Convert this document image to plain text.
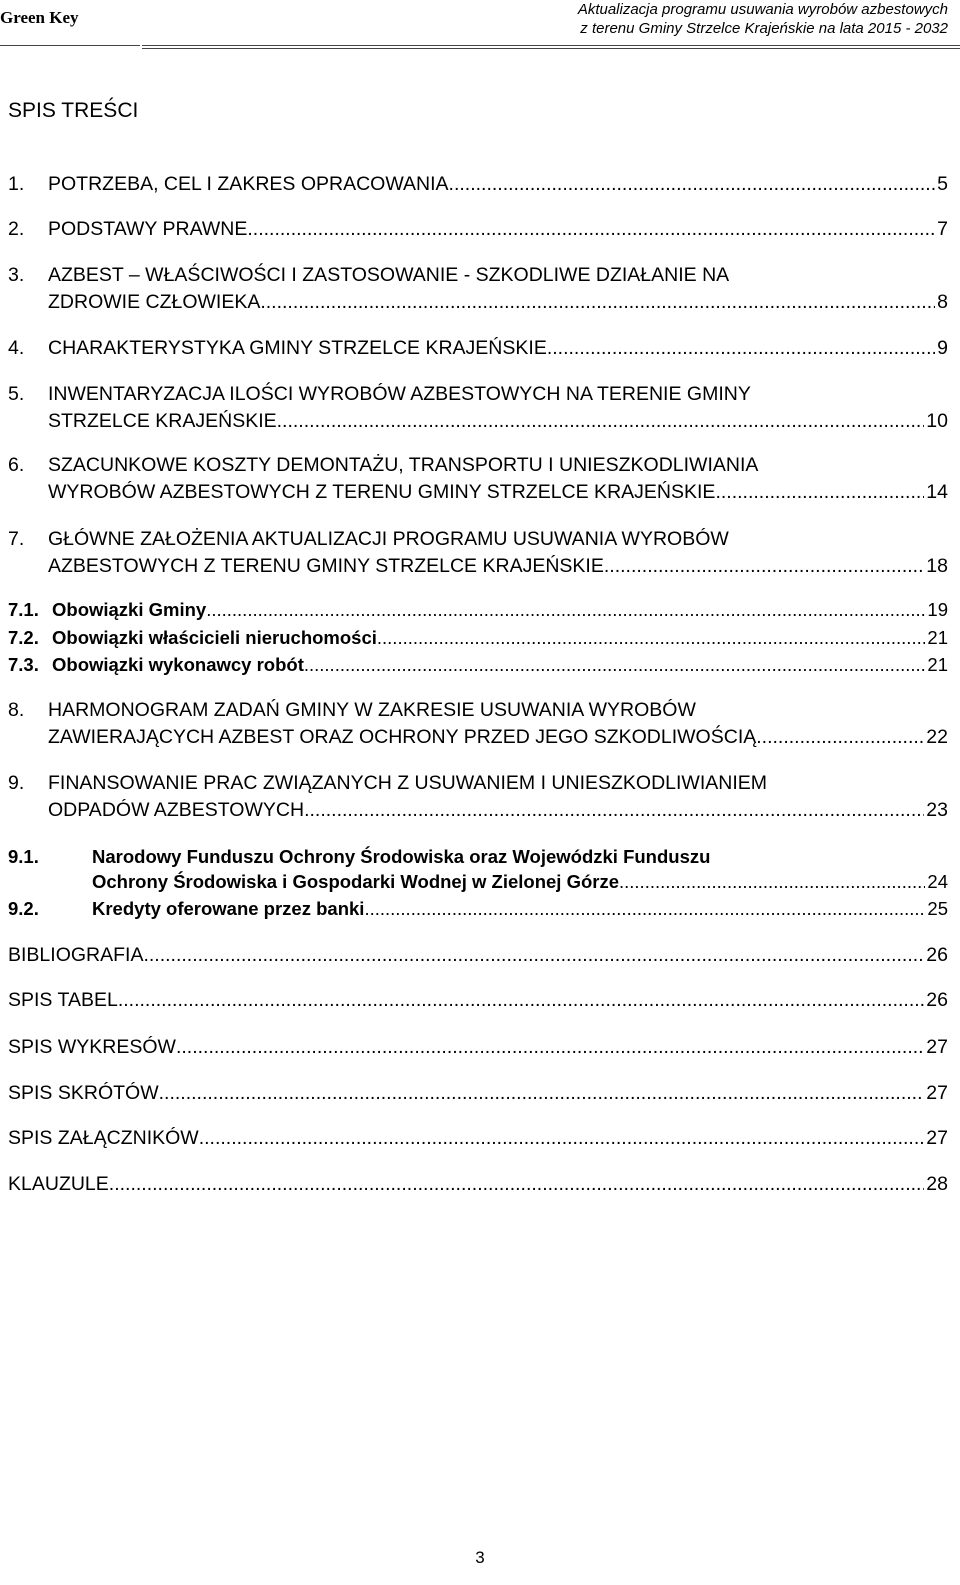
Green Key	Aktualizacja programu usuwania wyrobów azbestowych
z terenu Gminy Strzelce Krajeńskie na lata 2015 - 2032
SPIS TREŚCI
1.	POTRZEBA, CEL I ZAKRES OPRACOWANIA .....	5
2.	PODSTAWY PRAWNE .....	7
3.	AZBEST – WŁAŚCIWOŚCI I ZASTOSOWANIE - SZKODLIWE DZIAŁANIE NA
ZDROWIE CZŁOWIEKA .....	8
4.	CHARAKTERYSTYKA GMINY STRZELCE KRAJEŃSKIE .....	9
5.	INWENTARYZACJA ILOŚCI WYROBÓW AZBESTOWYCH NA TERENIE GMINY
STRZELCE KRAJEŃSKIE .....	10
6.	SZACUNKOWE KOSZTY DEMONTAŻU, TRANSPORTU I UNIESZKODLIWIANIA
WYROBÓW AZBESTOWYCH Z TERENU GMINY STRZELCE KRAJEŃSKIE .....	14
7.	GŁÓWNE ZAŁOŻENIA AKTUALIZACJI PROGRAMU USUWANIA WYROBÓW
AZBESTOWYCH Z TERENU GMINY STRZELCE KRAJEŃSKIE .....	18
7.1. Obowiązki Gminy .....	19
7.2. Obowiązki właścicieli nieruchomości .....	21
7.3. Obowiązki wykonawcy robót .....	21
8.	HARMONOGRAM ZADAŃ GMINY W ZAKRESIE USUWANIA WYROBÓW
ZAWIERAJĄCYCH AZBEST ORAZ OCHRONY PRZED JEGO SZKODLIWOŚCIĄ .....	22
9.	FINANSOWANIE PRAC ZWIĄZANYCH Z USUWANIEM I UNIESZKODLIWIANIEM
ODPADÓW AZBESTOWYCH .....	23
9.1.	Narodowy Funduszu Ochrony Środowiska oraz Wojewódzki Funduszu
Ochrony Środowiska i Gospodarki Wodnej w Zielonej Górze .....	24
9.2.	Kredyty oferowane przez banki .....	25
BIBLIOGRAFIA .....	26
SPIS TABEL .....	26
SPIS WYKRESÓW .....	27
SPIS SKRÓTÓW .....	27
SPIS ZAŁĄCZNIKÓW .....	27
KLAUZULE .....	28
3
